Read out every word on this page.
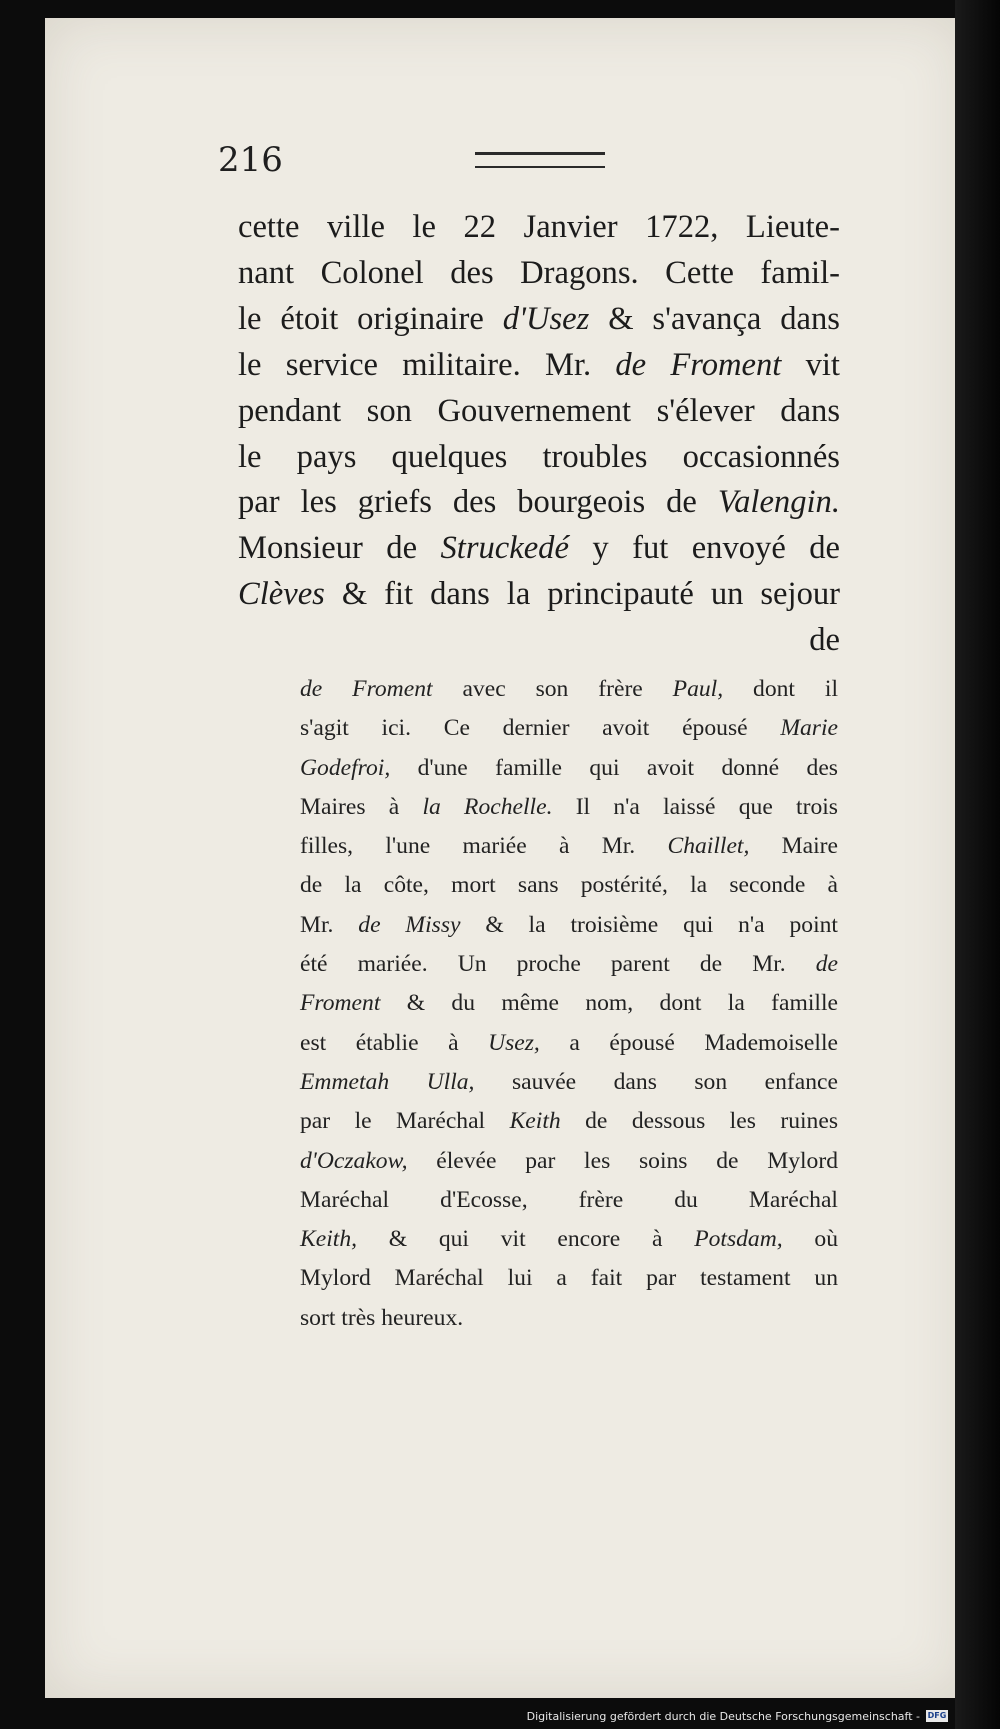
216

cette ville le 22 Janvier 1722, Lieute-
nant Colonel des Dragons. Cette famil-
le étoit originaire d'Usez & s'avança dans
le service militaire. Mr. de Froment vit
pendant son Gouvernement s'élever dans
le pays quelques troubles occasionnés
par les griefs des bourgeois de Valengin.
Monsieur de Struckedé y fut envoyé de
Clèves & fit dans la principauté un sejour
de
de Froment avec son frère Paul, dont il
s'agit ici. Ce dernier avoit épousé Marie
Godefroi, d'une famille qui avoit donné des
Maires à la Rochelle. Il n'a laissé que trois
filles, l'une mariée à Mr. Chaillet, Maire
de la côte, mort sans postérité, la seconde à
Mr. de Missy & la troisième qui n'a point
été mariée. Un proche parent de Mr. de
Froment & du même nom, dont la famille
est établie à Usez, a épousé Mademoiselle
Emmetah Ulla, sauvée dans son enfance
par le Maréchal Keith de dessous les ruines
d'Oczakow, élevée par les soins de Mylord
Maréchal d'Ecosse, frère du Maréchal
Keith, & qui vit encore à Potsdam, où
Mylord Maréchal lui a fait par testament un
sort très heureux.

Digitalisierung gefördert durch die Deutsche Forschungsgemeinschaft - DFG
